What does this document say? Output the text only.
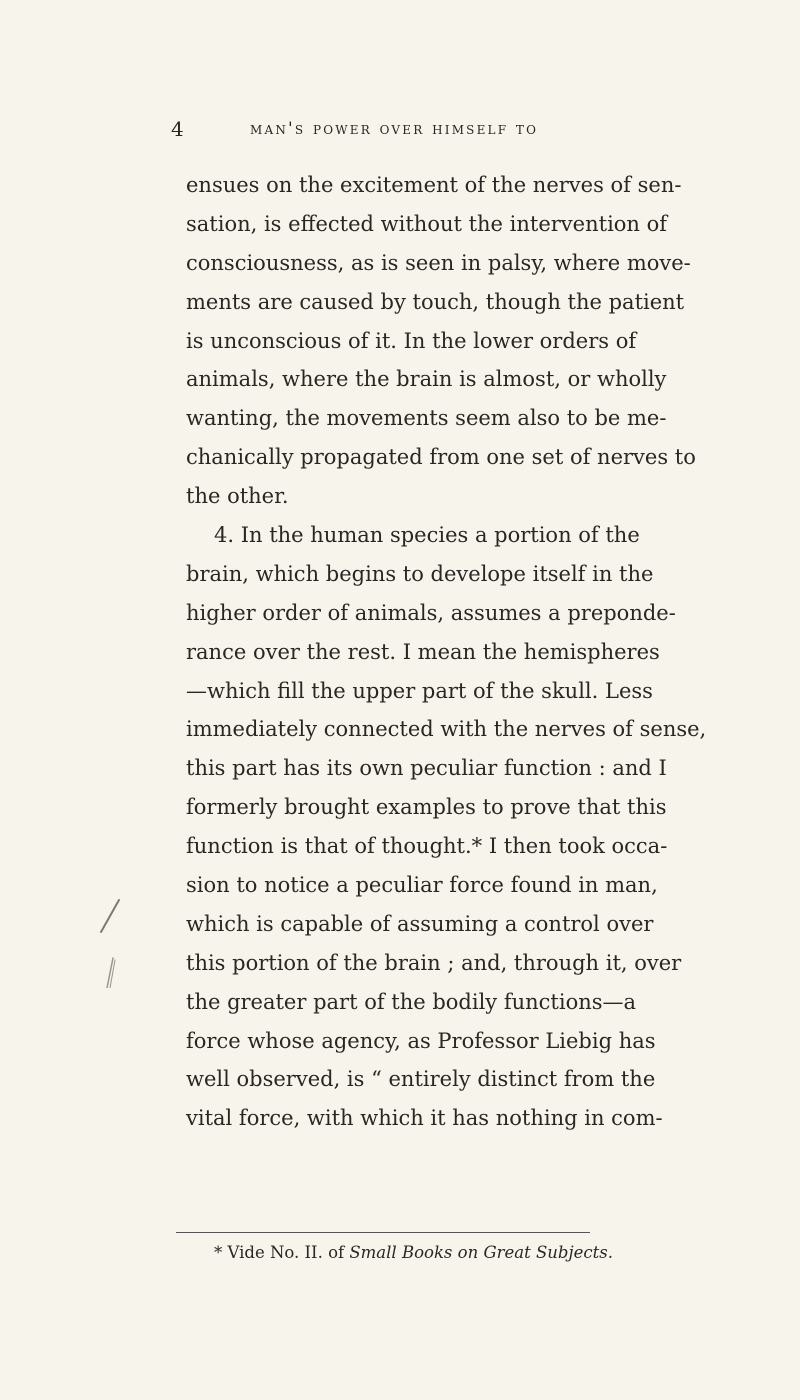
4	man's power over himself to
ensues on the excitement of the nerves of sen-
sation, is effected without the intervention of
consciousness, as is seen in palsy, where move-
ments are caused by touch, though the patient
is unconscious of it. In the lower orders of
animals, where the brain is almost, or wholly
wanting, the movements seem also to be me-
chanically propagated from one set of nerves to
the other.
4. In the human species a portion of the
brain, which begins to develope itself in the
higher order of animals, assumes a preponde-
rance over the rest. I mean the hemispheres
—which fill the upper part of the skull. Less
immediately connected with the nerves of sense,
this part has its own peculiar function : and I
formerly brought examples to prove that this
function is that of thought.* I then took occa-
sion to notice a peculiar force found in man,
which is capable of assuming a control over
this portion of the brain ; and, through it, over
the greater part of the bodily functions—a
force whose agency, as Professor Liebig has
well observed, is “ entirely distinct from the
vital force, with which it has nothing in com-
* Vide No. II. of Small Books on Great Subjects.
